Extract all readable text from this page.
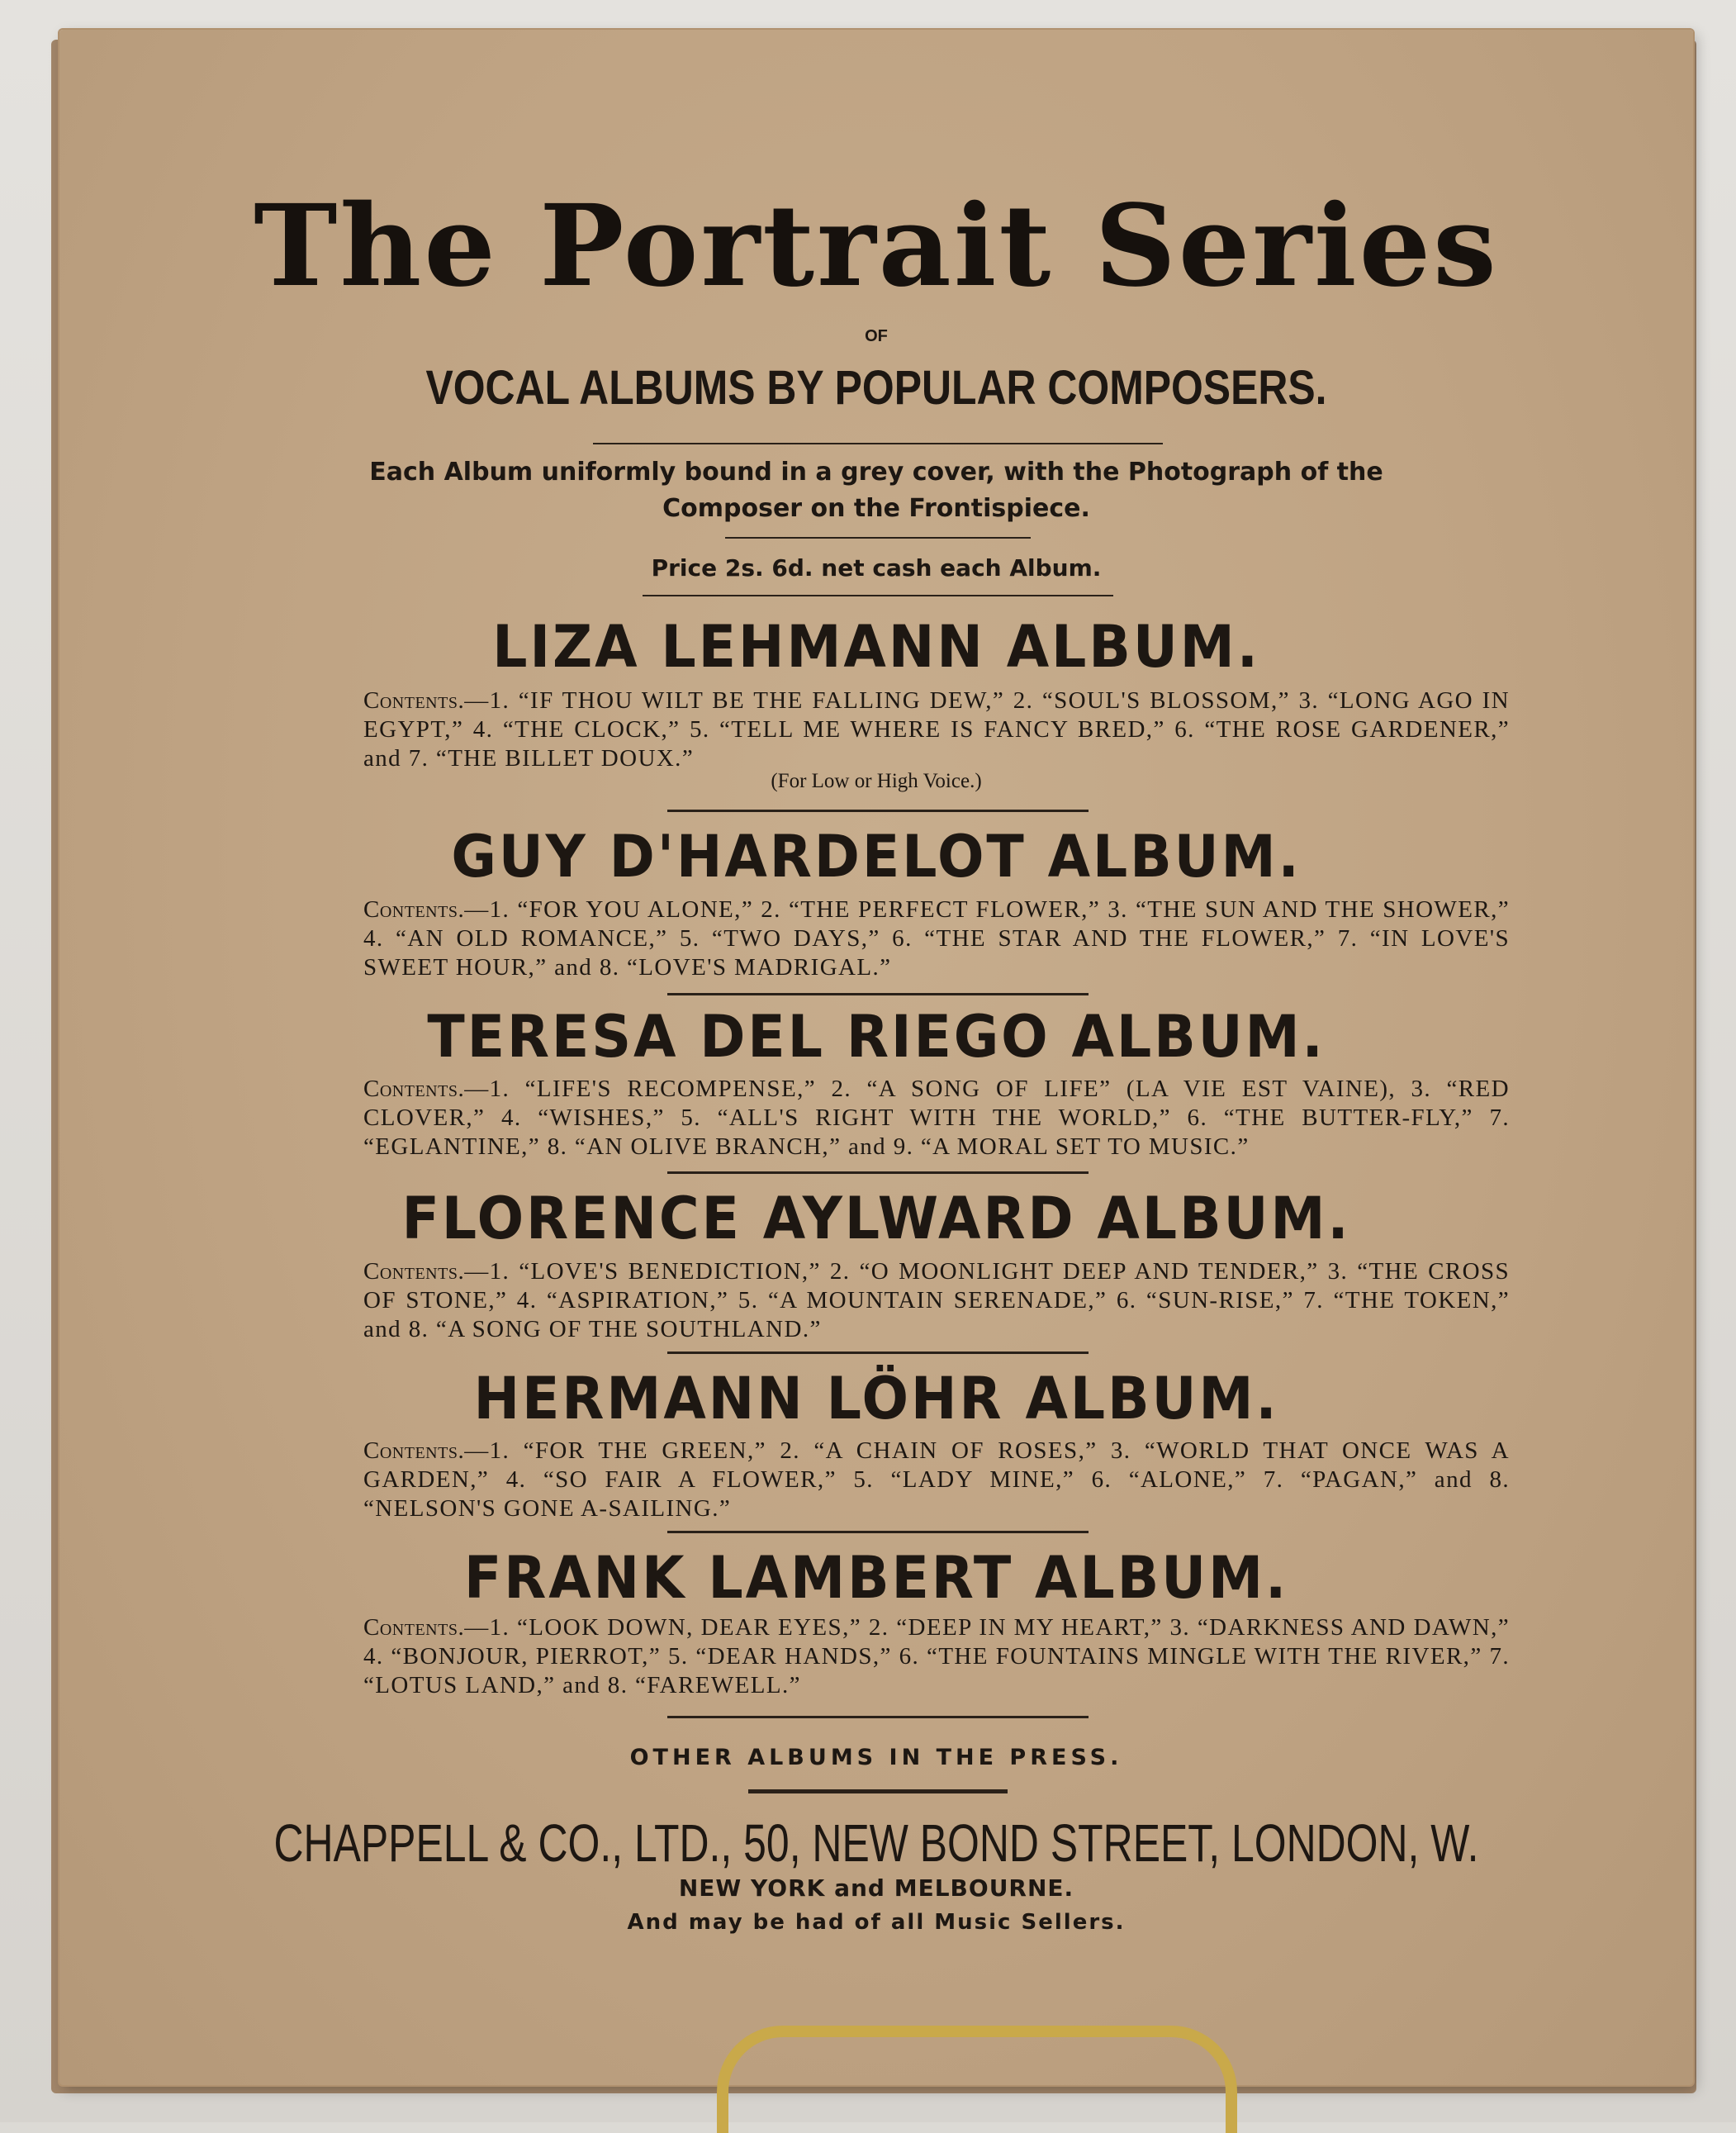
The Portrait Series
OF
VOCAL ALBUMS BY POPULAR COMPOSERS.
Each Album uniformly bound in a grey cover, with the Photograph of the Composer on the Frontispiece.
Price 2s. 6d. net cash each Album.
LIZA LEHMANN ALBUM.
Contents.—1. “IF THOU WILT BE THE FALLING DEW,” 2. “SOUL'S BLOSSOM,” 3. “LONG AGO IN EGYPT,” 4. “THE CLOCK,” 5. “TELL ME WHERE IS FANCY BRED,” 6. “THE ROSE GARDENER,” and 7. “THE BILLET DOUX.”
(For Low or High Voice.)
GUY D'HARDELOT ALBUM.
Contents.—1. “FOR YOU ALONE,” 2. “THE PERFECT FLOWER,” 3. “THE SUN AND THE SHOWER,” 4. “AN OLD ROMANCE,” 5. “TWO DAYS,” 6. “THE STAR AND THE FLOWER,” 7. “IN LOVE'S SWEET HOUR,” and 8. “LOVE'S MADRIGAL.”
TERESA DEL RIEGO ALBUM.
Contents.—1. “LIFE'S RECOMPENSE,” 2. “A SONG OF LIFE” (LA VIE EST VAINE), 3. “RED CLOVER,” 4. “WISHES,” 5. “ALL'S RIGHT WITH THE WORLD,” 6. “THE BUTTER-FLY,” 7. “EGLANTINE,” 8. “AN OLIVE BRANCH,” and 9. “A MORAL SET TO MUSIC.”
FLORENCE AYLWARD ALBUM.
Contents.—1. “LOVE'S BENEDICTION,” 2. “O MOONLIGHT DEEP AND TENDER,” 3. “THE CROSS OF STONE,” 4. “ASPIRATION,” 5. “A MOUNTAIN SERENADE,” 6. “SUN-RISE,” 7. “THE TOKEN,” and 8. “A SONG OF THE SOUTHLAND.”
HERMANN LÖHR ALBUM.
Contents.—1. “FOR THE GREEN,” 2. “A CHAIN OF ROSES,” 3. “WORLD THAT ONCE WAS A GARDEN,” 4. “SO FAIR A FLOWER,” 5. “LADY MINE,” 6. “ALONE,” 7. “PAGAN,” and 8. “NELSON'S GONE A-SAILING.”
FRANK LAMBERT ALBUM.
Contents.—1. “LOOK DOWN, DEAR EYES,” 2. “DEEP IN MY HEART,” 3. “DARKNESS AND DAWN,” 4. “BONJOUR, PIERROT,” 5. “DEAR HANDS,” 6. “THE FOUNTAINS MINGLE WITH THE RIVER,” 7. “LOTUS LAND,” and 8. “FAREWELL.”
OTHER ALBUMS IN THE PRESS.
CHAPPELL & CO., LTD., 50, NEW BOND STREET, LONDON, W.
NEW YORK and MELBOURNE.
And may be had of all Music Sellers.
